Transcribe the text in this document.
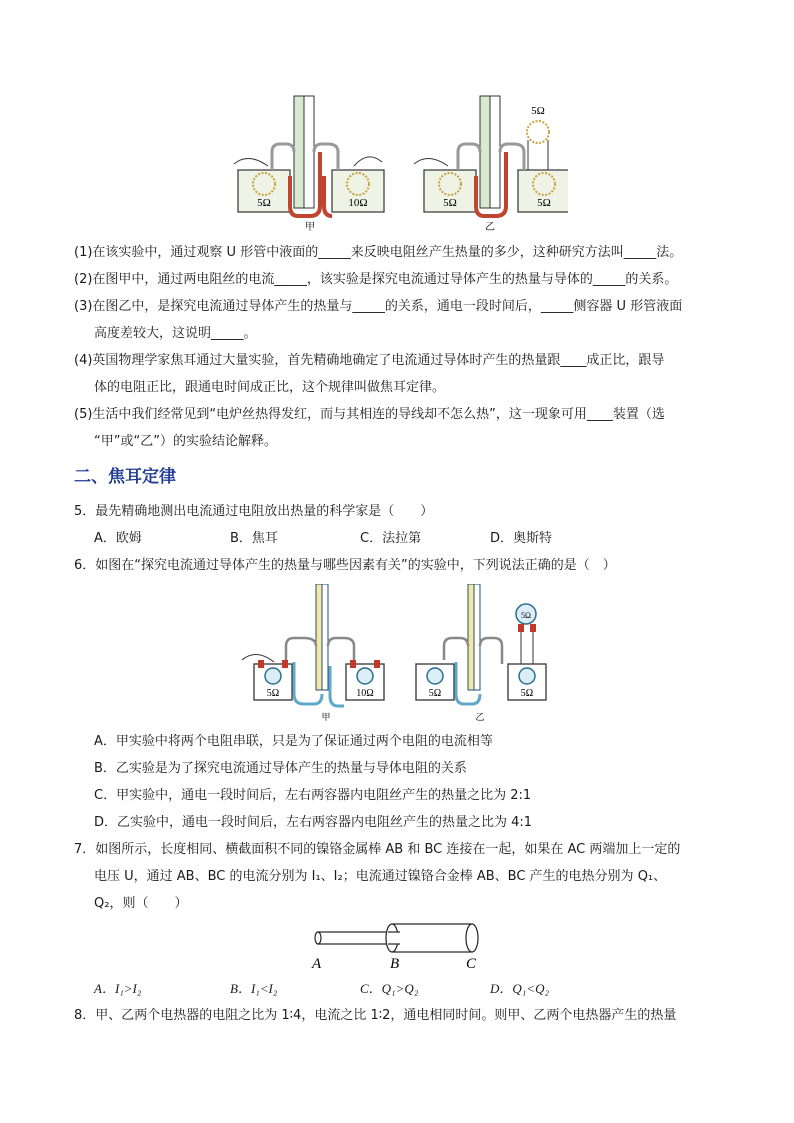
5Ω	10Ω
甲
5Ω
5Ω	5Ω
乙
(1)在该实验中，通过观察 U 形管中液面的_____来反映电阻丝产生热量的多少，这种研究方法叫_____法。
(2)在图甲中，通过两电阻丝的电流_____，该实验是探究电流通过导体产生的热量与导体的_____的关系。
(3)在图乙中，是探究电流通过导体产生的热量与_____的关系，通电一段时间后，_____侧容器 U 形管液面
高度差较大，这说明_____。
(4)英国物理学家焦耳通过大量实验，首先精确地确定了电流通过导体时产生的热量跟____成正比，跟导
体的电阻正比，跟通电时间成正比，这个规律叫做焦耳定律。
(5)生活中我们经常见到“电炉丝热得发红，而与其相连的导线却不怎么热”，这一现象可用____装置（选
“甲”或“乙”）的实验结论解释。
二、焦耳定律
5．最先精确地测出电流通过电阻放出热量的科学家是（　　）
A．欧姆	B．焦耳	C．法拉第	D．奥斯特
6．如图在“探究电流通过导体产生的热量与哪些因素有关”的实验中，下列说法正确的是（　）
5Ω	10Ω
甲
5Ω
5Ω	5Ω
乙
A．甲实验中将两个电阻串联，只是为了保证通过两个电阻的电流相等
B．乙实验是为了探究电流通过导体产生的热量与导体电阻的关系
C．甲实验中，通电一段时间后，左右两容器内电阻丝产生的热量之比为 2:1
D．乙实验中，通电一段时间后，左右两容器内电阻丝产生的热量之比为 4:1
7．如图所示，长度相同、横截面积不同的镍铬金属棒 AB 和 BC 连接在一起，如果在 AC 两端加上一定的
电压 U，通过 AB、BC 的电流分别为 I₁、I₂；电流通过镍铬合金棒 AB、BC 产生的电热分别为 Q₁、
Q₂，则（　　）
A	B	C
A．I₁>I₂	B．I₁<I₂	C．Q₁>Q₂	D．Q₁<Q₂
8．甲、乙两个电热器的电阻之比为 1∶4，电流之比 1∶2，通电相同时间。则甲、乙两个电热器产生的热量
